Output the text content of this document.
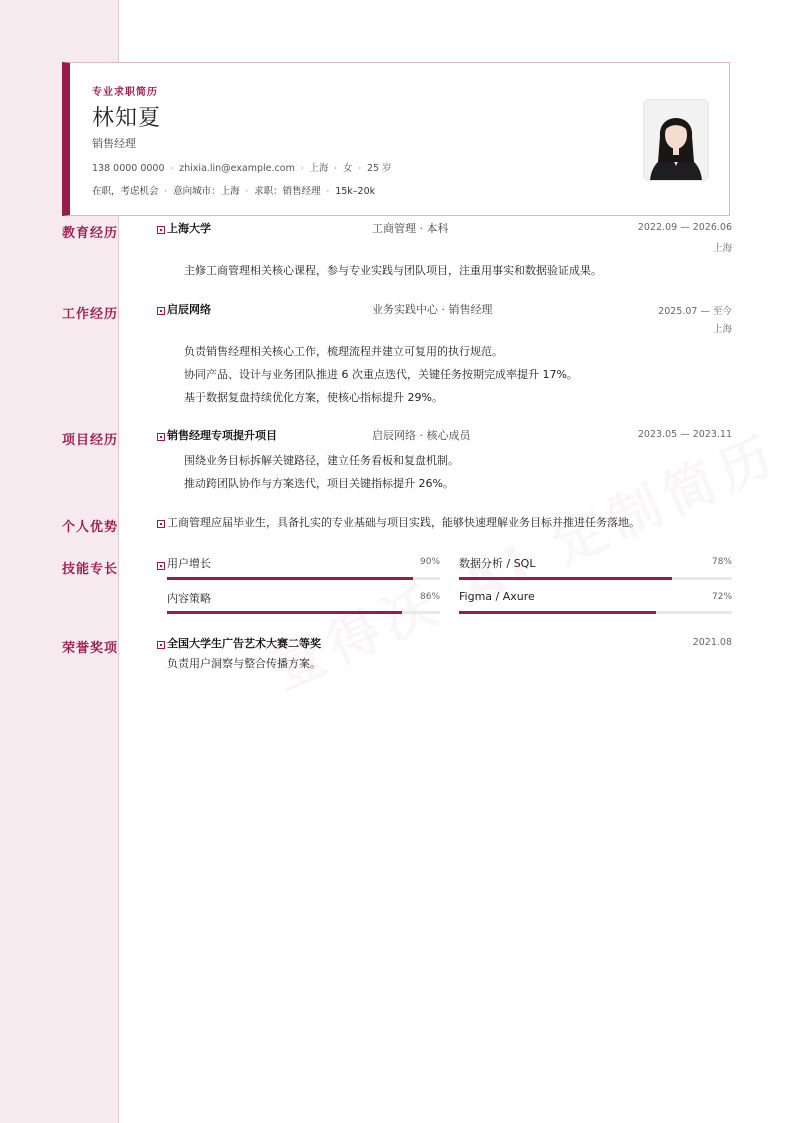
专业求职简历
林知夏
销售经理
138 0000 0000 · zhixia.lin@example.com · 上海 · 女 · 25 岁
在职，考虑机会 · 意向城市：上海 · 求职：销售经理 · 15k–20k
教育经历	上海大学	工商管理 · 本科	2022.09 — 2026.06
上海
主修工商管理相关核心课程，参与专业实践与团队项目，注重用事实和数据验证成果。
工作经历	启辰网络	业务实践中心 · 销售经理	2025.07 — 至今
上海
负责销售经理相关核心工作，梳理流程并建立可复用的执行规范。
协同产品、设计与业务团队推进 6 次重点迭代，关键任务按期完成率提升 17%。
基于数据复盘持续优化方案，使核心指标提升 29%。
项目经历	销售经理专项提升项目	启辰网络 · 核心成员	2023.05 — 2023.11
围绕业务目标拆解关键路径，建立任务看板和复盘机制。
推动跨团队协作与方案迭代，项目关键指标提升 26%。
个人优势	工商管理应届毕业生，具备扎实的专业基础与项目实践，能够快速理解业务目标并推进任务落地。
技能专长	用户增长	90% 数据分析 / SQL	78%
内容策略	86% Figma / Axure	72%
荣誉奖项	全国大学生广告艺术大赛二等奖	2021.08
负责用户洞察与整合传播方案。
